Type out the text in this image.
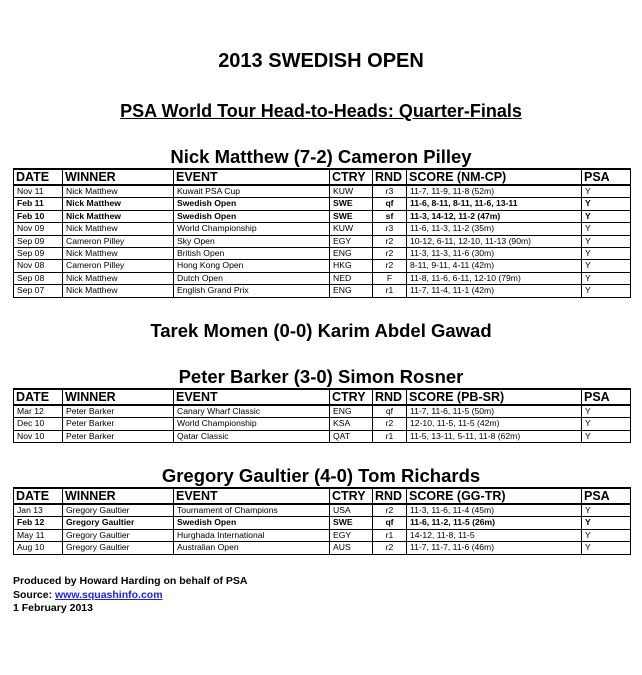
2013 SWEDISH OPEN
PSA World Tour Head-to-Heads: Quarter-Finals
Nick Matthew (7-2) Cameron Pilley
DATE	WINNER	EVENT	CTRY	RND	SCORE (NM-CP)	PSA
Nov 11	Nick Matthew	Kuwait PSA Cup	KUW	r3	11-7, 11-9, 11-8 (52m)	Y
Feb 11	Nick Matthew	Swedish Open	SWE	qf	11-6, 8-11, 8-11, 11-6, 13-11	Y
Feb 10	Nick Matthew	Swedish Open	SWE	sf	11-3, 14-12, 11-2 (47m)	Y
Nov 09	Nick Matthew	World Championship	KUW	r3	11-6, 11-3, 11-2 (35m)	Y
Sep 09	Cameron Pilley	Sky Open	EGY	r2	10-12, 6-11, 12-10, 11-13 (90m)	Y
Sep 09	Nick Matthew	British Open	ENG	r2	11-3, 11-3, 11-6 (30m)	Y
Nov 08	Cameron Pilley	Hong Kong Open	HKG	r2	8-11, 9-11, 4-11 (42m)	Y
Sep 08	Nick Matthew	Dutch Open	NED	F	11-8, 11-6, 6-11, 12-10 (79m)	Y
Sep 07	Nick Matthew	English Grand Prix	ENG	r1	11-7, 11-4, 11-1 (42m)	Y
Tarek Momen (0-0) Karim Abdel Gawad
Peter Barker (3-0) Simon Rosner
DATE	WINNER	EVENT	CTRY	RND	SCORE (PB-SR)	PSA
Mar 12	Peter Barker	Canary Wharf Classic	ENG	qf	11-7, 11-6, 11-5 (50m)	Y
Dec 10	Peter Barker	World Championship	KSA	r2	12-10, 11-5, 11-5 (42m)	Y
Nov 10	Peter Barker	Qatar Classic	QAT	r1	11-5, 13-11, 5-11, 11-8 (62m)	Y
Gregory Gaultier (4-0) Tom Richards
DATE	WINNER	EVENT	CTRY	RND	SCORE (GG-TR)	PSA
Jan 13	Gregory Gaultier	Tournament of Champions	USA	r2	11-3, 11-6, 11-4 (45m)	Y
Feb 12	Gregory Gaultier	Swedish Open	SWE	qf	11-6, 11-2, 11-5 (26m)	Y
May 11	Gregory Gaultier	Hurghada International	EGY	r1	14-12, 11-8, 11-5	Y
Aug 10	Gregory Gaultier	Australian Open	AUS	r2	11-7, 11-7, 11-6 (46m)	Y
Produced by Howard Harding on behalf of PSA
Source: www.squashinfo.com
1 February 2013
